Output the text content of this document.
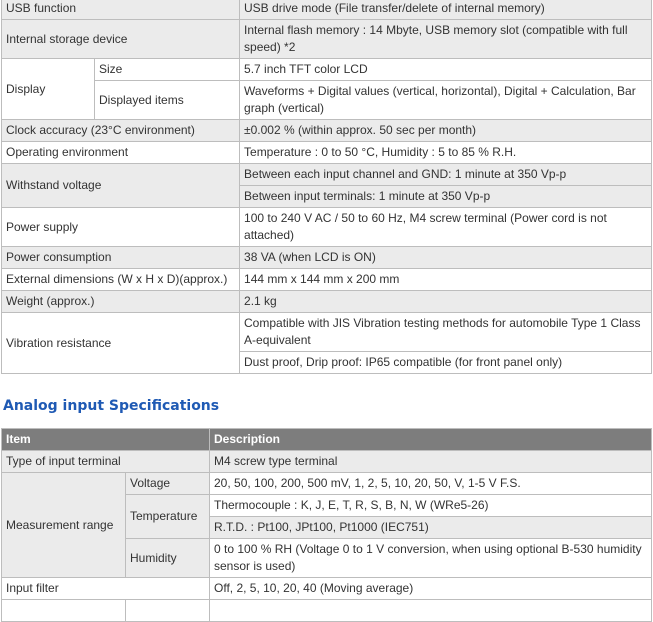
USB function		USB drive mode (File transfer/delete of internal memory)
Internal storage device		Internal flash memory : 14 Mbyte, USB memory slot (compatible with full speed) *2
Display	Size	5.7 inch TFT color LCD
	Displayed items	Waveforms + Digital values (vertical, horizontal), Digital + Calculation, Bar graph (vertical)
Clock accuracy (23°C environment)		±0.002 % (within approx. 50 sec per month)
Operating environment		Temperature : 0 to 50 °C, Humidity : 5 to 85 % R.H.
Withstand voltage		Between each input channel and GND: 1 minute at 350 Vp-p
		Between input terminals: 1 minute at 350 Vp-p
Power supply		100 to 240 V AC / 50 to 60 Hz, M4 screw terminal (Power cord is not attached)
Power consumption		38 VA (when LCD is ON)
External dimensions (W x H x D)(approx.)		144 mm x 144 mm x 200 mm
Weight (approx.)		2.1 kg
Vibration resistance		Compatible with JIS Vibration testing methods for automobile Type 1 Class A-equivalent
		Dust proof, Drip proof: IP65 compatible (for front panel only)
Analog input Specifications
Item		Description
Type of input terminal		M4 screw type terminal
Measurement range	Voltage	20, 50, 100, 200, 500 mV, 1, 2, 5, 10, 20, 50, V, 1-5 V F.S.
	Temperature	Thermocouple : K, J, E, T, R, S, B, N, W (WRe5-26)
		R.T.D. : Pt100, JPt100, Pt1000 (IEC751)
	Humidity	0 to 100 % RH (Voltage 0 to 1 V conversion, when using optional B-530 humidity sensor is used)
Input filter		Off, 2, 5, 10, 20, 40 (Moving average)
